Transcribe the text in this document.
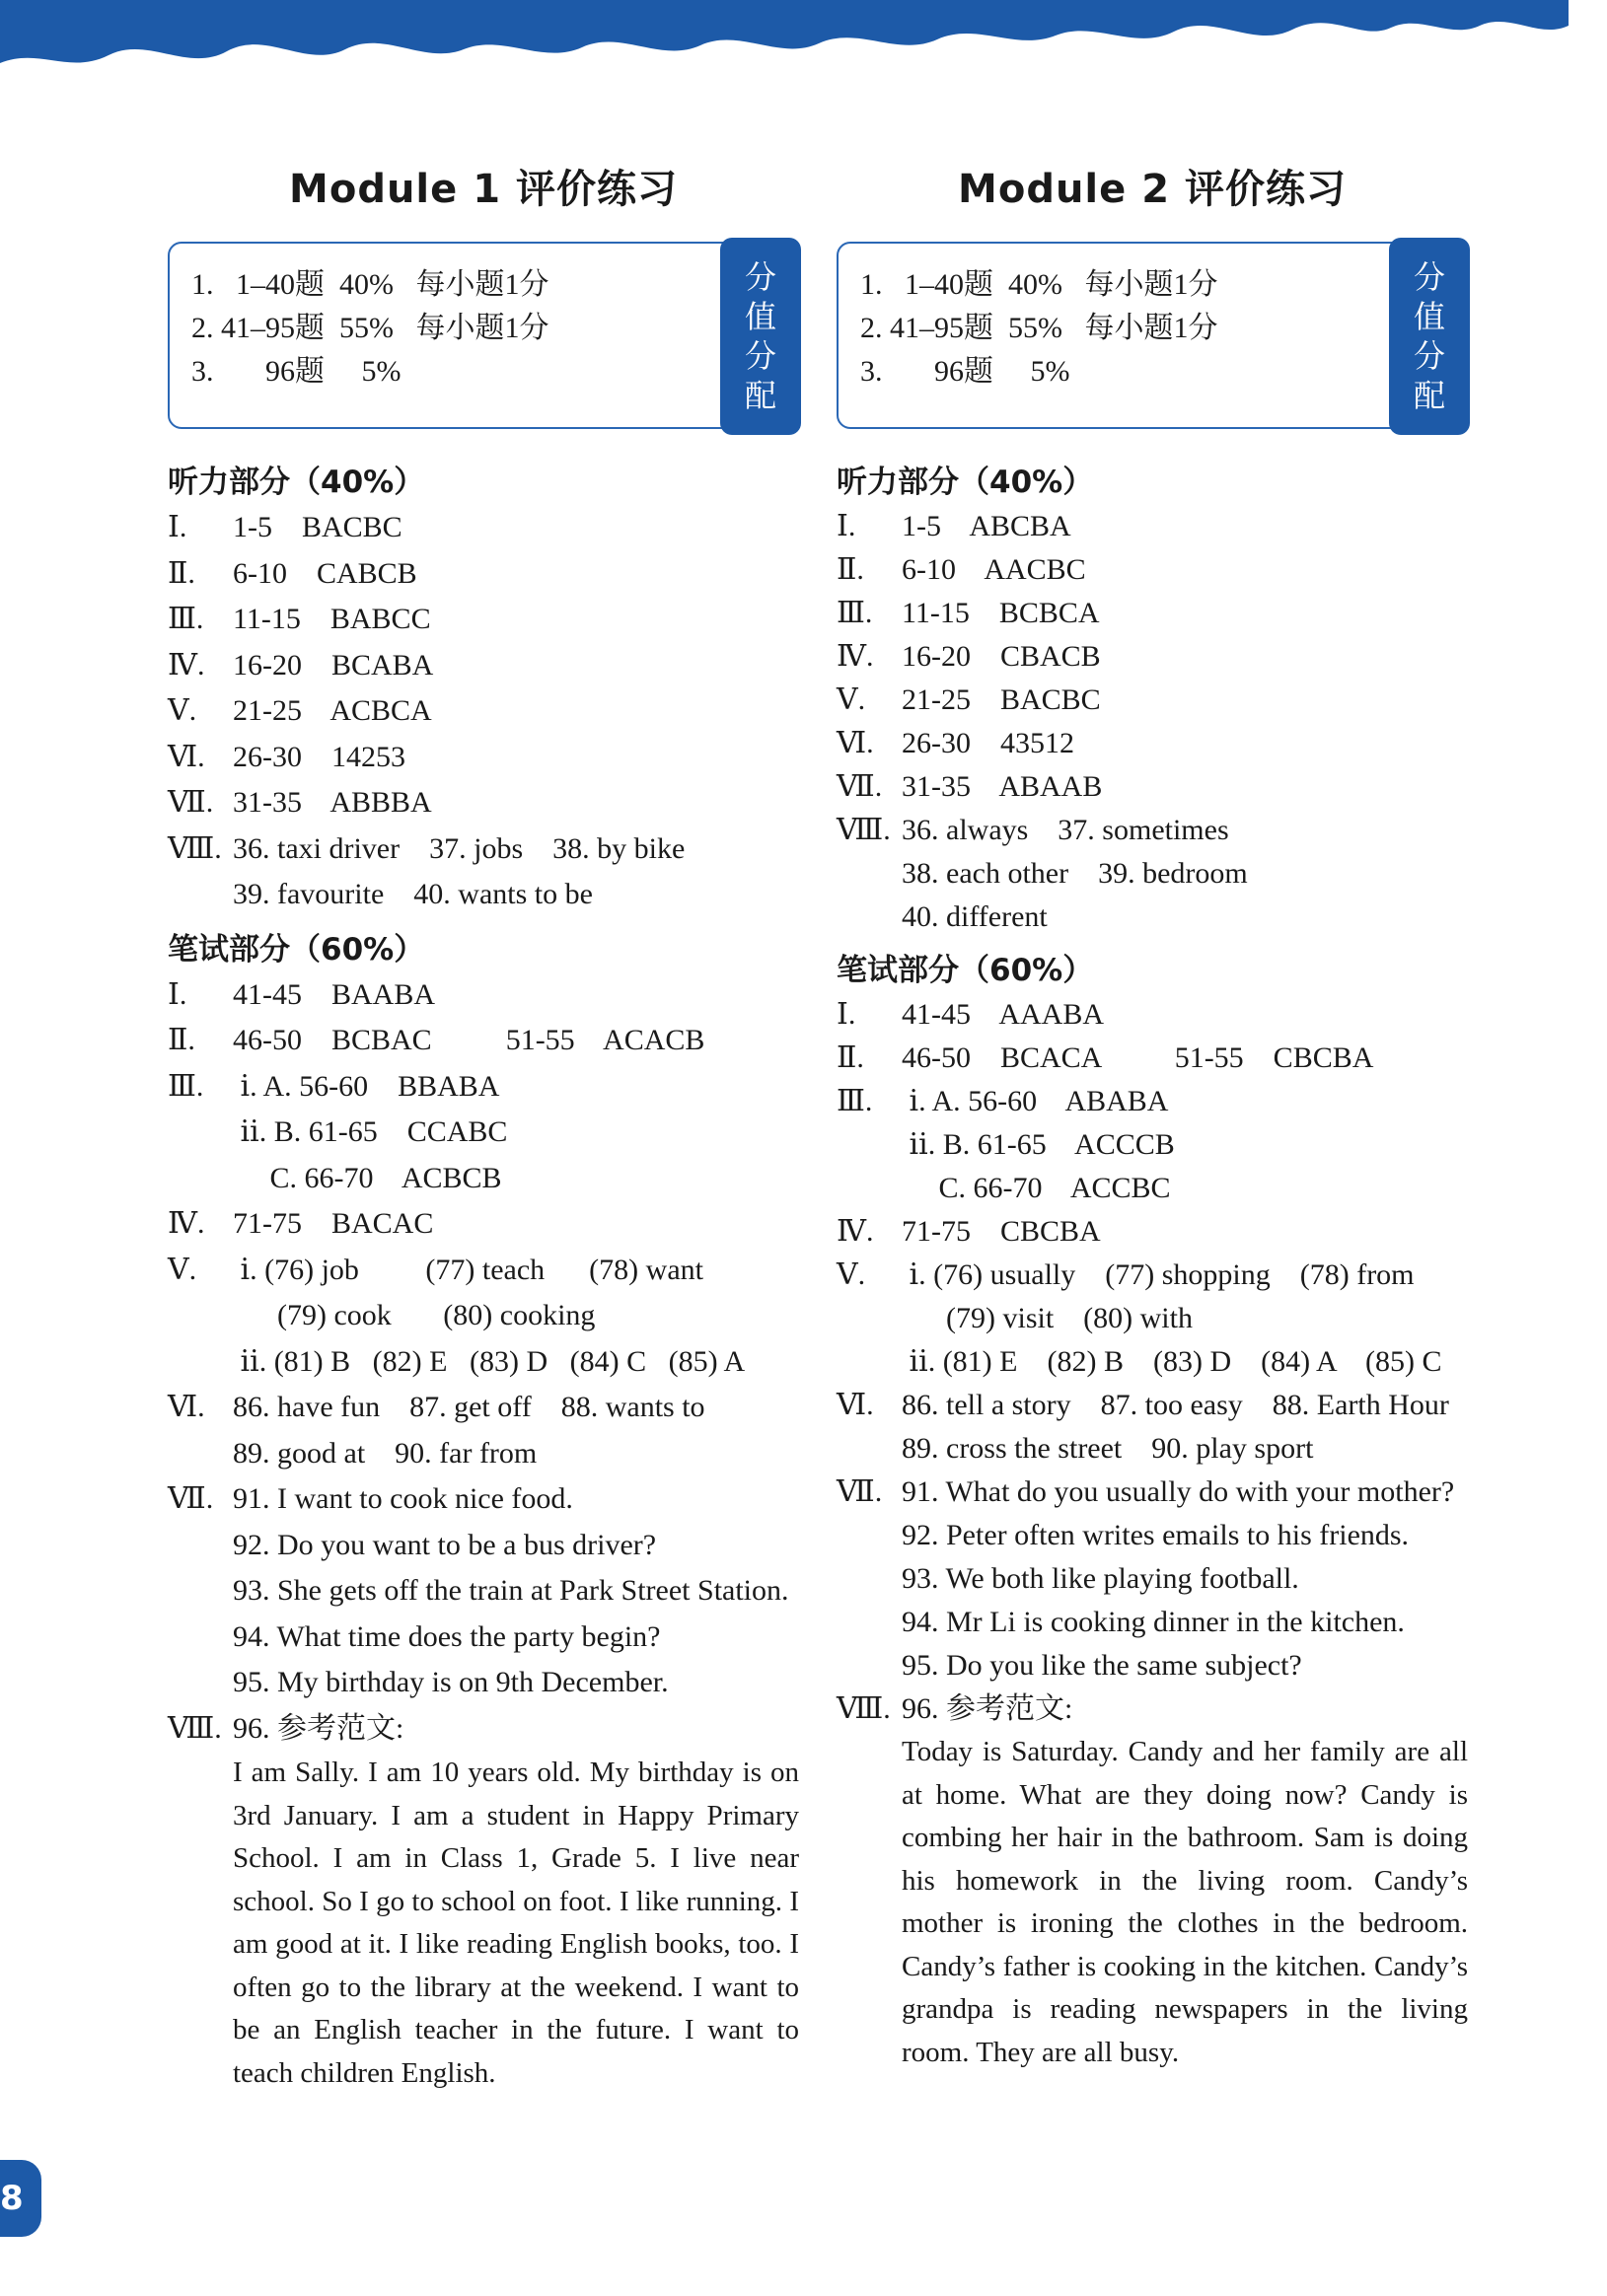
Module 1 评价练习
1.   1–40题  40%   每小题1分
2. 41–95题  55%   每小题1分
3.       96题     5%
分
值
分
配
听力部分（40%）
Ⅰ.	1-5    BACBC
Ⅱ.	6-10    CABCB
Ⅲ. 11-15    BABCC
Ⅳ. 16-20    BCABA
Ⅴ.	21-25    ACBCA
Ⅵ. 26-30    14253
Ⅶ. 31-35    ABBBA
Ⅷ. 36. taxi driver    37. jobs    38. by bike
39. favourite    40. wants to be
笔试部分（60%）
Ⅰ.	41-45    BAABA
Ⅱ.	46-50    BCBAC          51-55    ACACB
Ⅲ. ⅰ. A. 56-60    BBABA
ⅱ. B. 61-65    CCABC
C. 66-70    ACBCB
Ⅳ. 71-75    BACAC
Ⅴ.	ⅰ. (76) job         (77) teach      (78) want
(79) cook       (80) cooking
ⅱ. (81) B   (82) E   (83) D   (84) C   (85) A
Ⅵ. 86. have fun    87. get off    88. wants to
89. good at    90. far from
Ⅶ. 91. I want to cook nice food.
92. Do you want to be a bus driver?
93. She gets off the train at Park Street Station.
94. What time does the party begin?
95. My birthday is on 9th December.
Ⅷ. 96. 参考范文:
I am Sally. I am 10 years old. My birthday is on 3rd January. I am a student in Happy Primary School. I am in Class 1, Grade 5. I live near school. So I go to school on foot. I like running. I am good at it. I like reading English books, too. I often go to the library at the weekend. I want to be an English teacher in the future. I want to teach children English.
Module 2 评价练习
1.   1–40题  40%   每小题1分
2. 41–95题  55%   每小题1分
3.       96题     5%
分
值
分
配
听力部分（40%）
Ⅰ.	1-5    ABCBA
Ⅱ.	6-10    AACBC
Ⅲ. 11-15    BCBCA
Ⅳ. 16-20    CBACB
Ⅴ.	21-25    BACBC
Ⅵ. 26-30    43512
Ⅶ. 31-35    ABAAB
Ⅷ. 36. always    37. sometimes
38. each other    39. bedroom
40. different
笔试部分（60%）
Ⅰ.	41-45    AAABA
Ⅱ.	46-50    BCACA          51-55    CBCBA
Ⅲ. ⅰ. A. 56-60    ABABA
ⅱ. B. 61-65    ACCCB
C. 66-70    ACCBC
Ⅳ. 71-75    CBCBA
Ⅴ.	ⅰ. (76) usually    (77) shopping    (78) from
(79) visit    (80) with
ⅱ. (81) E    (82) B    (83) D    (84) A    (85) C
Ⅵ. 86. tell a story    87. too easy    88. Earth Hour
89. cross the street    90. play sport
Ⅶ. 91. What do you usually do with your mother?
92. Peter often writes emails to his friends.
93. We both like playing football.
94. Mr Li is cooking dinner in the kitchen.
95. Do you like the same subject?
Ⅷ. 96. 参考范文:
Today is Saturday. Candy and her family are all at home. What are they doing now? Candy is combing her hair in the bathroom. Sam is doing his homework in the living room. Candy’s mother is ironing the clothes in the bedroom. Candy’s father is cooking in the kitchen. Candy’s grandpa is reading newspapers in the living room. They are all busy.
8
